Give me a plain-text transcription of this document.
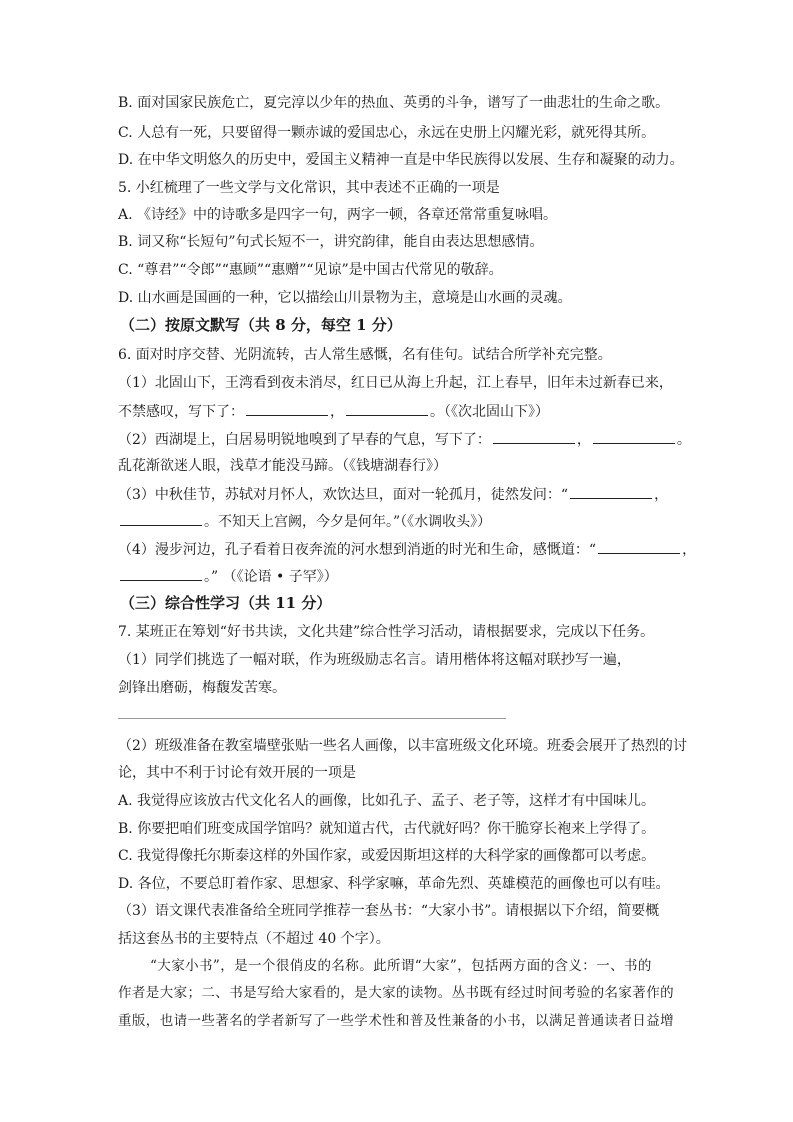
B. 面对国家民族危亡，夏完淳以少年的热血、英勇的斗争，谱写了一曲悲壮的生命之歌。
C. 人总有一死，只要留得一颗赤诚的爱国忠心，永远在史册上闪耀光彩，就死得其所。
D. 在中华文明悠久的历史中，爱国主义精神一直是中华民族得以发展、生存和凝聚的动力。
5. 小红梳理了一些文学与文化常识，其中表述不正确的一项是
A. 《诗经》中的诗歌多是四字一句，两字一顿，各章还常常重复咏唱。
B. 词又称“长短句”句式长短不一，讲究韵律，能自由表达思想感情。
C. “尊君”“令郎”“惠顾”“惠赠”“见谅”是中国古代常见的敬辞。
D. 山水画是国画的一种，它以描绘山川景物为主，意境是山水画的灵魂。
（二）按原文默写（共 8 分，每空 1 分）
6. 面对时序交替、光阴流转，古人常生感慨，名有佳句。试结合所学补充完整。
（1）北固山下，王湾看到夜未消尽，红日已从海上升起，江上春早，旧年未过新春已来，
不禁感叹，写下了：	，	。（《次北固山下》）
（2）西湖堤上，白居易明锐地嗅到了早春的气息，写下了：	，	。
乱花渐欲迷人眼，浅草才能没马蹄。（《钱塘湖春行》）
（3）中秋佳节，苏轼对月怀人，欢饮达旦，面对一轮孤月，徒然发问：“	，
。不知天上宫阙，今夕是何年。”（《水调收头》）
（4）漫步河边，孔子看着日夜奔流的河水想到消逝的时光和生命，感慨道：“	，
。” （《论语 • 子罕》）
（三）综合性学习（共 11 分）
7. 某班正在筹划“好书共读，文化共建”综合性学习活动，请根据要求，完成以下任务。
（1）同学们挑选了一幅对联，作为班级励志名言。请用楷体将这幅对联抄写一遍，
剑锋出磨砺，梅馥发苦寒。
（2）班级准备在教室墙壁张贴一些名人画像，以丰富班级文化环境。班委会展开了热烈的讨
论，其中不利于讨论有效开展的一项是
A. 我觉得应该放古代文化名人的画像，比如孔子、孟子、老子等，这样才有中国味儿。
B. 你要把咱们班变成国学馆吗？就知道古代，古代就好吗？你干脆穿长袍来上学得了。
C. 我觉得像托尔斯泰这样的外国作家，或爱因斯坦这样的大科学家的画像都可以考虑。
D. 各位，不要总盯着作家、思想家、科学家嘛，革命先烈、英雄模范的画像也可以有哇。
（3）语文课代表准备给全班同学推荐一套丛书：“大家小书”。请根据以下介绍，简要概
括这套丛书的主要特点（不超过 40 个字）。
“大家小书”，是一个很俏皮的名称。此所谓“大家”，包括两方面的含义：一、书的
作者是大家；二、书是写给大家看的，是大家的读物。丛书既有经过时间考验的名家著作的
重版，也请一些著名的学者新写了一些学术性和普及性兼备的小书，以满足普通读者日益增
